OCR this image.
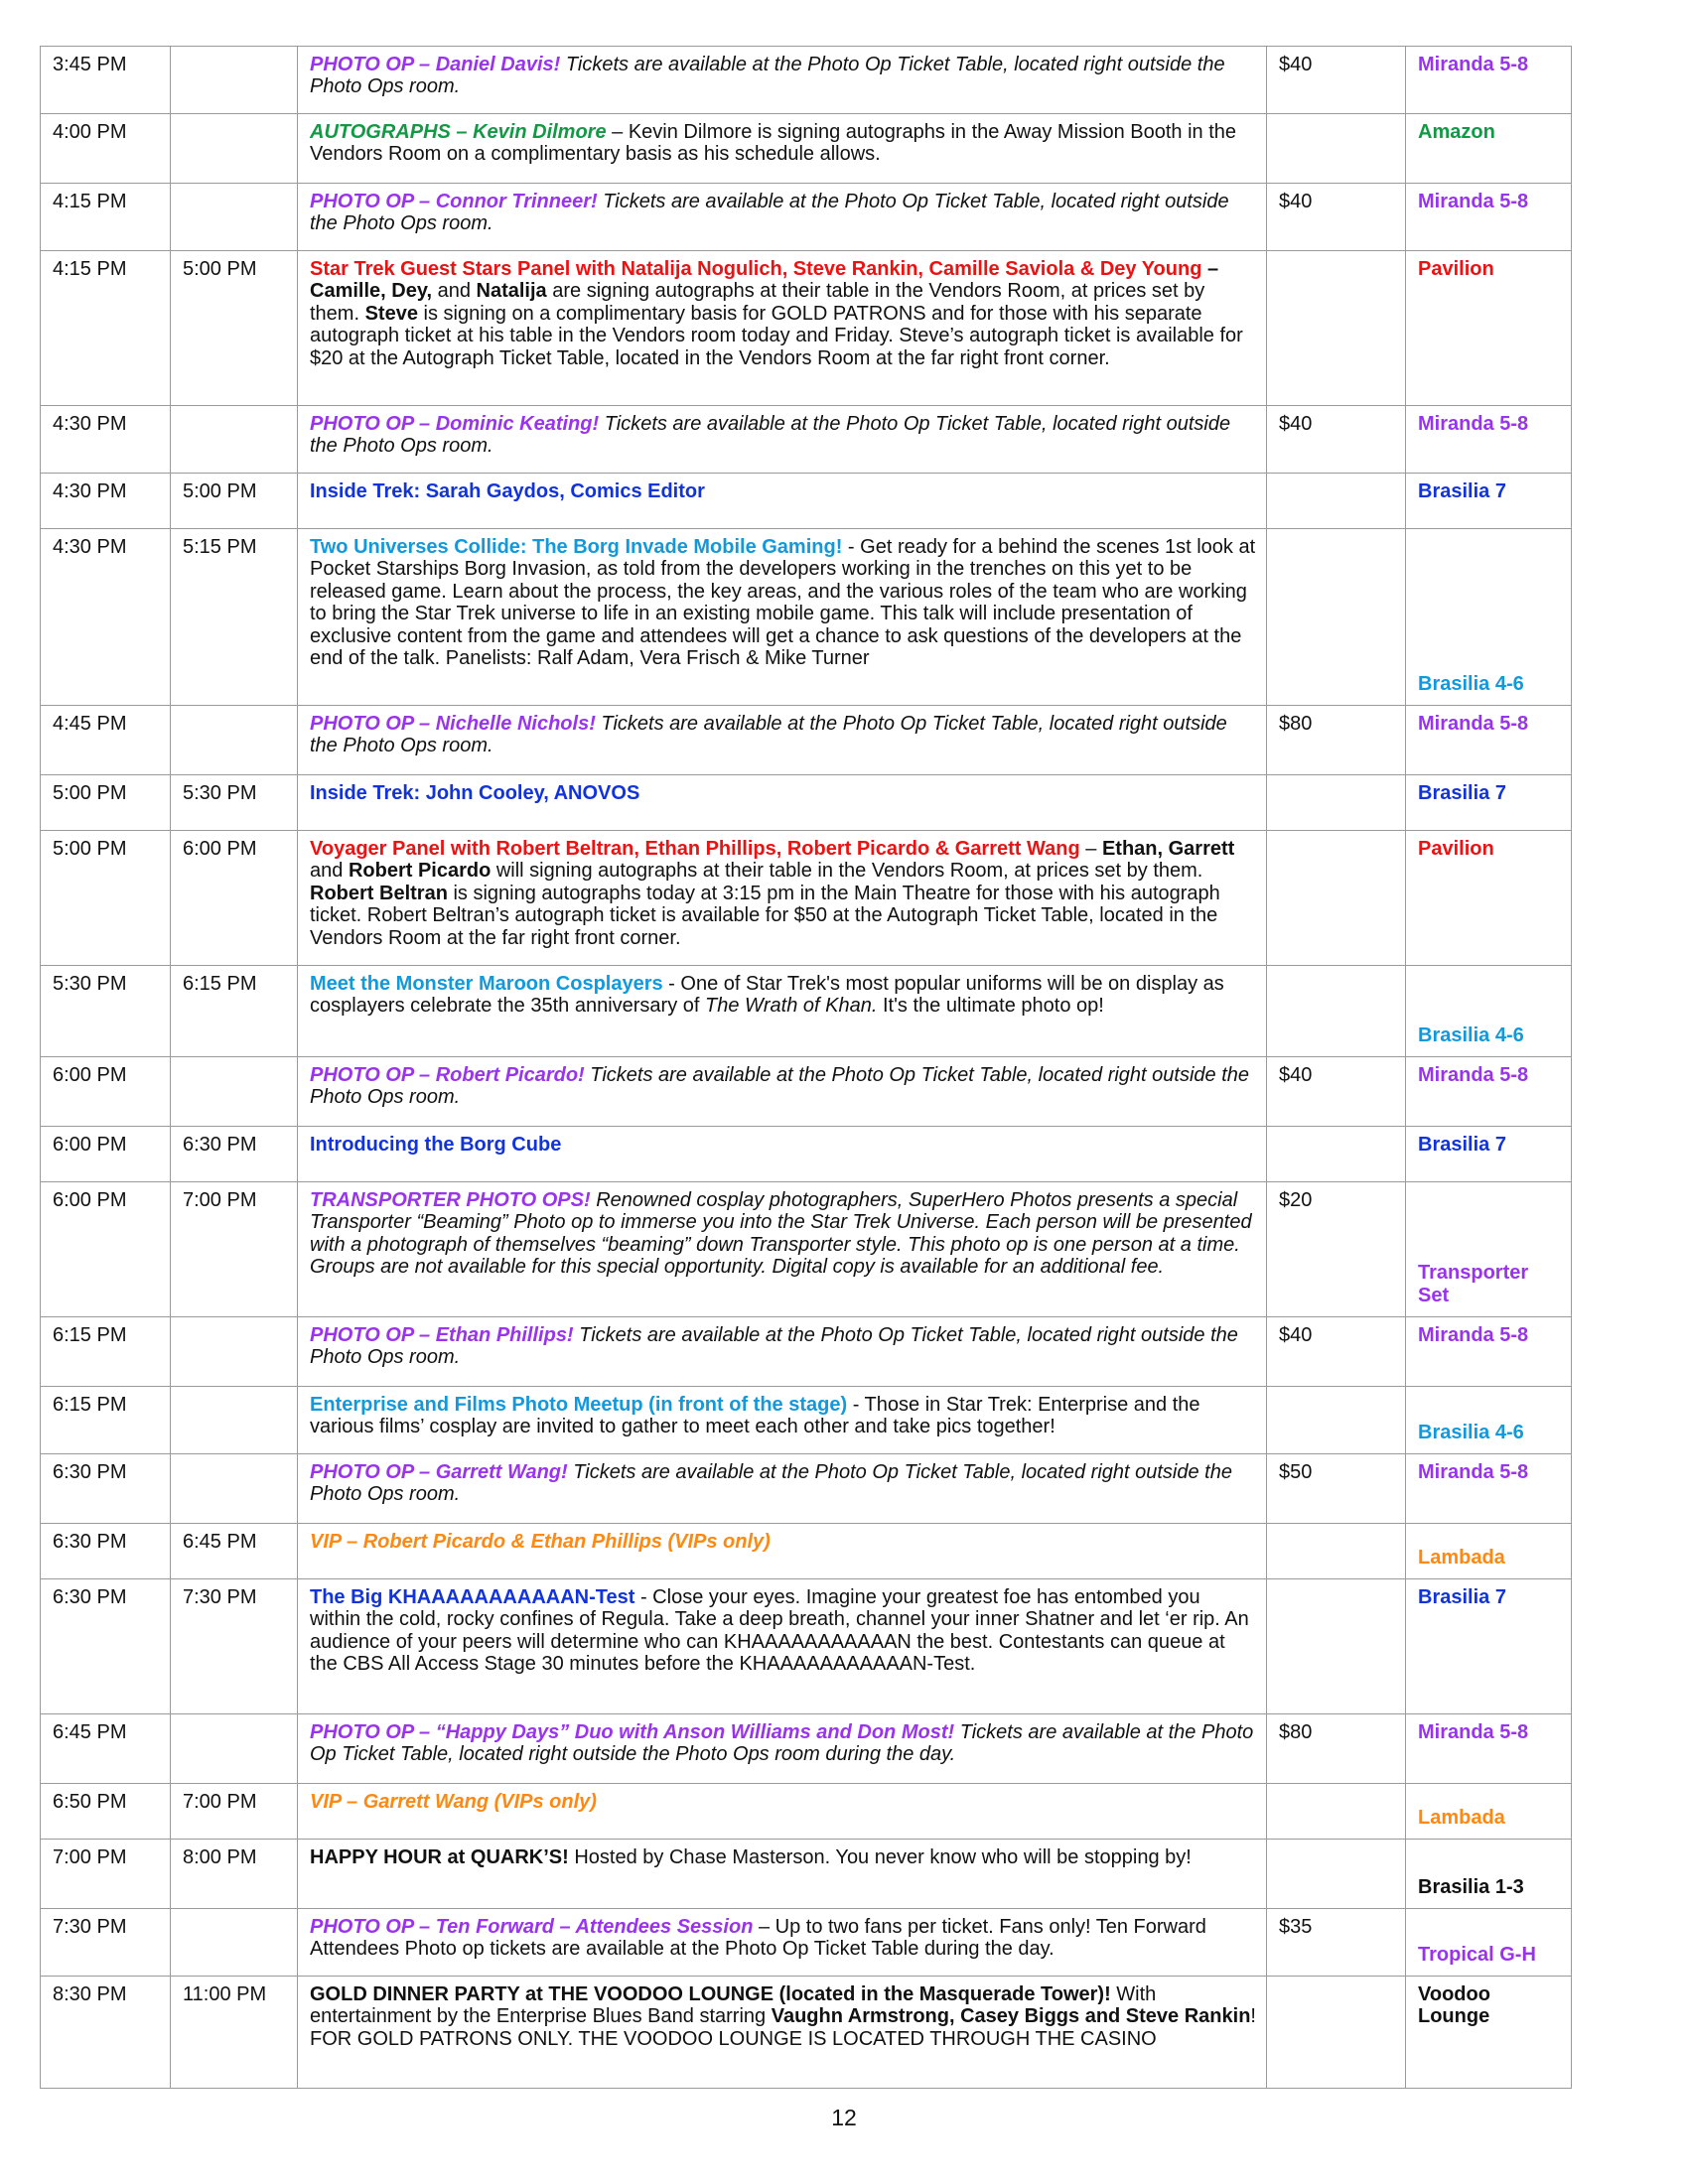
3:45 PM		PHOTO OP – Daniel Davis! Tickets are available at the Photo Op Ticket Table, located right outside the Photo Ops room.	$40	Miranda 5-8
4:00 PM		AUTOGRAPHS – Kevin Dilmore – Kevin Dilmore is signing autographs in the Away Mission Booth in the Vendors Room on a complimentary basis as his schedule allows.		Amazon
4:15 PM		PHOTO OP – Connor Trinneer! Tickets are available at the Photo Op Ticket Table, located right outside the Photo Ops room.	$40	Miranda 5-8
4:15 PM	5:00 PM	Star Trek Guest Stars Panel with Natalija Nogulich, Steve Rankin, Camille Saviola & Dey Young – Camille, Dey, and Natalija are signing autographs at their table in the Vendors Room, at prices set by them. Steve is signing on a complimentary basis for GOLD PATRONS and for those with his separate autograph ticket at his table in the Vendors room today and Friday. Steve’s autograph ticket is available for $20 at the Autograph Ticket Table, located in the Vendors Room at the far right front corner.		Pavilion
4:30 PM		PHOTO OP – Dominic Keating! Tickets are available at the Photo Op Ticket Table, located right outside the Photo Ops room.	$40	Miranda 5-8
4:30 PM	5:00 PM	Inside Trek: Sarah Gaydos, Comics Editor		Brasilia 7
4:30 PM	5:15 PM	Two Universes Collide: The Borg Invade Mobile Gaming! - Get ready for a behind the scenes 1st look at Pocket Starships Borg Invasion, as told from the developers working in the trenches on this yet to be released game. Learn about the process, the key areas, and the various roles of the team who are working to bring the Star Trek universe to life in an existing mobile game. This talk will include presentation of exclusive content from the game and attendees will get a chance to ask questions of the developers at the end of the talk. Panelists: Ralf Adam, Vera Frisch & Mike Turner		Brasilia 4-6
4:45 PM		PHOTO OP – Nichelle Nichols! Tickets are available at the Photo Op Ticket Table, located right outside the Photo Ops room.	$80	Miranda 5-8
5:00 PM	5:30 PM	Inside Trek: John Cooley, ANOVOS		Brasilia 7
5:00 PM	6:00 PM	Voyager Panel with Robert Beltran, Ethan Phillips, Robert Picardo & Garrett Wang – Ethan, Garrett and Robert Picardo will signing autographs at their table in the Vendors Room, at prices set by them. Robert Beltran is signing autographs today at 3:15 pm in the Main Theatre for those with his autograph ticket. Robert Beltran’s autograph ticket is available for $50 at the Autograph Ticket Table, located in the Vendors Room at the far right front corner.		Pavilion
5:30 PM	6:15 PM	Meet the Monster Maroon Cosplayers - One of Star Trek's most popular uniforms will be on display as cosplayers celebrate the 35th anniversary of The Wrath of Khan. It's the ultimate photo op!		Brasilia 4-6
6:00 PM		PHOTO OP – Robert Picardo! Tickets are available at the Photo Op Ticket Table, located right outside the Photo Ops room.	$40	Miranda 5-8
6:00 PM	6:30 PM	Introducing the Borg Cube		Brasilia 7
6:00 PM	7:00 PM	TRANSPORTER PHOTO OPS! Renowned cosplay photographers, SuperHero Photos presents a special Transporter “Beaming” Photo op to immerse you into the Star Trek Universe. Each person will be presented with a photograph of themselves “beaming” down Transporter style. This photo op is one person at a time. Groups are not available for this special opportunity. Digital copy is available for an additional fee.	$20	Transporter Set
6:15 PM		PHOTO OP – Ethan Phillips! Tickets are available at the Photo Op Ticket Table, located right outside the Photo Ops room.	$40	Miranda 5-8
6:15 PM		Enterprise and Films Photo Meetup (in front of the stage) - Those in Star Trek: Enterprise and the various films’ cosplay are invited to gather to meet each other and take pics together!		Brasilia 4-6
6:30 PM		PHOTO OP – Garrett Wang! Tickets are available at the Photo Op Ticket Table, located right outside the Photo Ops room.	$50	Miranda 5-8
6:30 PM	6:45 PM	VIP – Robert Picardo & Ethan Phillips (VIPs only)		Lambada
6:30 PM	7:30 PM	The Big KHAAAAAAAAAAAN-Test - Close your eyes. Imagine your greatest foe has entombed you within the cold, rocky confines of Regula. Take a deep breath, channel your inner Shatner and let ‘er rip. An audience of your peers will determine who can KHAAAAAAAAAAAN the best. Contestants can queue at the CBS All Access Stage 30 minutes before the KHAAAAAAAAAAAN-Test.		Brasilia 7
6:45 PM		PHOTO OP – “Happy Days” Duo with Anson Williams and Don Most! Tickets are available at the Photo Op Ticket Table, located right outside the Photo Ops room during the day.	$80	Miranda 5-8
6:50 PM	7:00 PM	VIP – Garrett Wang (VIPs only)		Lambada
7:00 PM	8:00 PM	HAPPY HOUR at QUARK’S! Hosted by Chase Masterson. You never know who will be stopping by!		Brasilia 1-3
7:30 PM		PHOTO OP – Ten Forward – Attendees Session – Up to two fans per ticket. Fans only! Ten Forward Attendees Photo op tickets are available at the Photo Op Ticket Table during the day.	$35	Tropical G-H
8:30 PM	11:00 PM	GOLD DINNER PARTY at THE VOODOO LOUNGE (located in the Masquerade Tower)! With entertainment by the Enterprise Blues Band starring Vaughn Armstrong, Casey Biggs and Steve Rankin! FOR GOLD PATRONS ONLY. THE VOODOO LOUNGE IS LOCATED THROUGH THE CASINO		Voodoo Lounge
12
